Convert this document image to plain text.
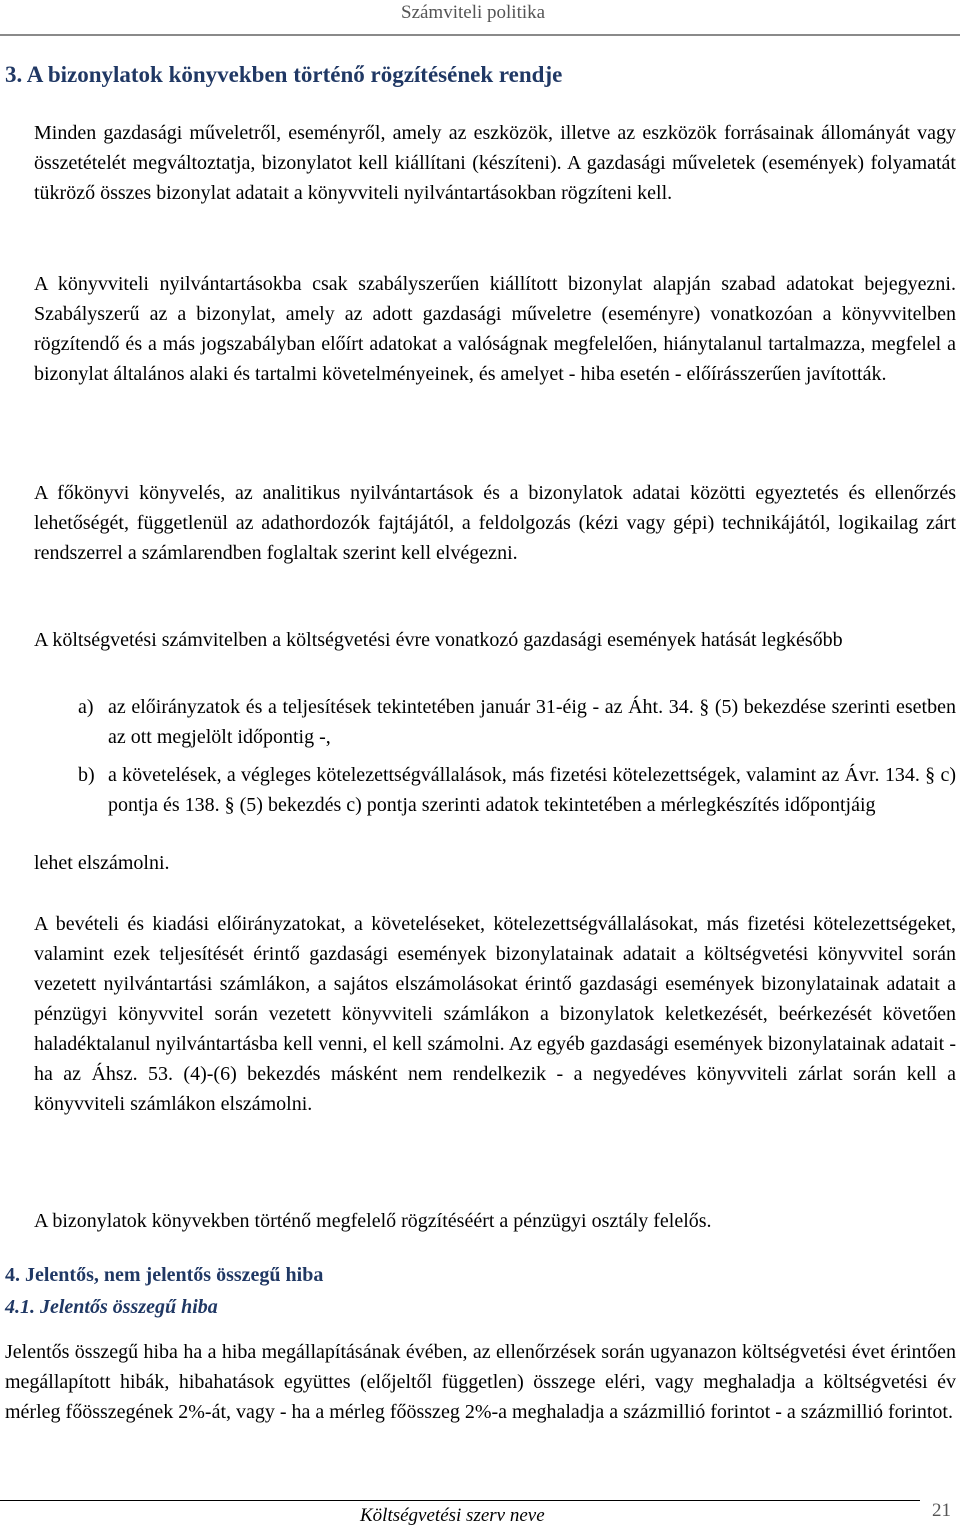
Számviteli politika
3. A bizonylatok könyvekben történő rögzítésének rendje

Minden gazdasági műveletről, eseményről, amely az eszközök, illetve az eszközök forrásainak állományát vagy összetételét megváltoztatja, bizonylatot kell kiállítani (készíteni). A gazdasági műveletek (események) folyamatát tükröző összes bizonylat adatait a könyvviteli nyilvántartásokban rögzíteni kell.

A könyvviteli nyilvántartásokba csak szabályszerűen kiállított bizonylat alapján szabad adatokat bejegyezni. Szabályszerű az a bizonylat, amely az adott gazdasági műveletre (eseményre) vonatkozóan a könyvvitelben rögzítendő és a más jogszabályban előírt adatokat a valóságnak megfelelően, hiánytalanul tartalmazza, megfelel a bizonylat általános alaki és tartalmi követelményeinek, és amelyet - hiba esetén - előírásszerűen javították.

A főkönyvi könyvelés, az analitikus nyilvántartások és a bizonylatok adatai közötti egyeztetés és ellenőrzés lehetőségét, függetlenül az adathordozók fajtájától, a feldolgozás (kézi vagy gépi) technikájától, logikailag zárt rendszerrel a számlarendben foglaltak szerint kell elvégezni.

A költségvetési számvitelben a költségvetési évre vonatkozó gazdasági események hatását legkésőbb

a) az előirányzatok és a teljesítések tekintetében január 31-éig - az Áht. 34. § (5) bekezdése szerinti esetben az ott megjelölt időpontig -,
b) a követelések, a végleges kötelezettségvállalások, más fizetési kötelezettségek, valamint az Ávr. 134. § c) pontja és 138. § (5) bekezdés c) pontja szerinti adatok tekintetében a mérlegkészítés időpontjáig

lehet elszámolni.

A bevételi és kiadási előirányzatokat, a követeléseket, kötelezettségvállalásokat, más fizetési kötelezettségeket, valamint ezek teljesítését érintő gazdasági események bizonylatainak adatait a költségvetési könyvvitel során vezetett nyilvántartási számlákon, a sajátos elszámolásokat érintő gazdasági események bizonylatainak adatait a pénzügyi könyvvitel során vezetett könyvviteli számlákon a bizonylatok keletkezését, beérkezését követően haladéktalanul nyilvántartásba kell venni, el kell számolni. Az egyéb gazdasági események bizonylatainak adatait - ha az Áhsz. 53. (4)-(6) bekezdés másként nem rendelkezik - a negyedéves könyvviteli zárlat során kell a könyvviteli számlákon elszámolni.

A bizonylatok könyvekben történő megfelelő rögzítéséért a pénzügyi osztály felelős.

4. Jelentős, nem jelentős összegű hiba
4.1. Jelentős összegű hiba

Jelentős összegű hiba ha a hiba megállapításának évében, az ellenőrzések során ugyanazon költségvetési évet érintően megállapított hibák, hibahatások együttes (előjeltől független) összege eléri, vagy meghaladja a költségvetési év mérleg főösszegének 2%-át, vagy - ha a mérleg főösszeg 2%-a meghaladja a százmillió forintot - a százmillió forintot.

Költségvetési szerv neve	21
